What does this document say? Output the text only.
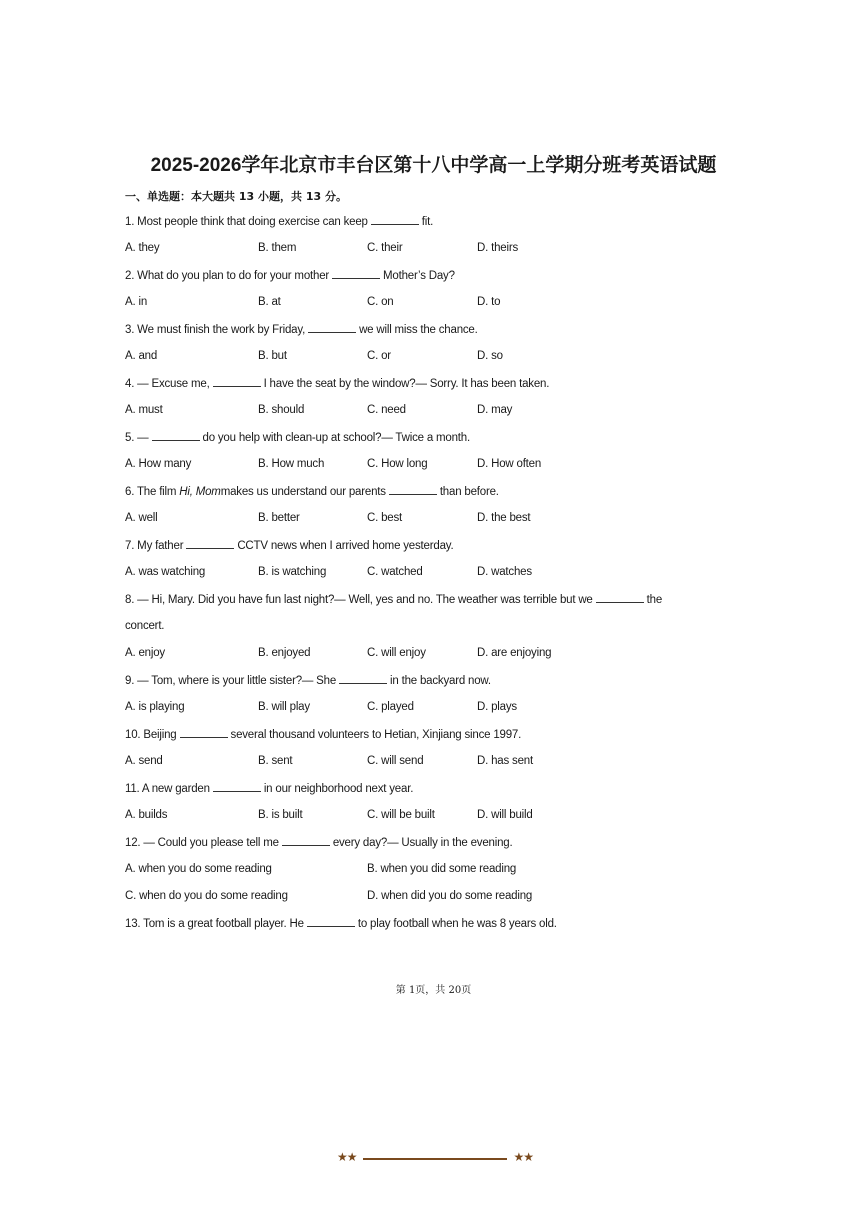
2025-2026学年北京市丰台区第十八中学高一上学期分班考英语试题
一、单选题：本大题共 13 小题，共 13 分。
1. Most people think that doing exercise can keep	fit.
A. they	B. them	C. their	D. theirs
2. What do you plan to do for your mother	Mother’s Day?
A. in	B. at	C. on	D. to
3. We must finish the work by Friday,	we will miss the chance.
A. and	B. but	C. or	D. so
4. — Excuse me,	I have the seat by the window?— Sorry. It has been taken.
A. must	B. should	C. need	D. may
5. —	do you help with clean-up at school?— Twice a month.
A. How many	B. How much	C. How long	D. How often
6. The film Hi, Mommakes us understand our parents	than before.
A. well	B. better	C. best	D. the best
7. My father	CCTV news when I arrived home yesterday.
A. was watching	B. is watching	C. watched	D. watches
8. — Hi, Mary. Did you have fun last night?— Well, yes and no. The weather was terrible but we	the
concert.
A. enjoy	B. enjoyed	C. will enjoy	D. are enjoying
9. — Tom, where is your little sister?— She	in the backyard now.
A. is playing	B. will play	C. played	D. plays
10. Beijing	several thousand volunteers to Hetian, Xinjiang since 1997.
A. send	B. sent	C. will send	D. has sent
11. A new garden	in our neighborhood next year.
A. builds	B. is built	C. will be built	D. will build
12. — Could you please tell me	every day?— Usually in the evening.
A. when you do some reading	B. when you did some reading
C. when do you do some reading	D. when did you do some reading
13. Tom is a great football player. He	to play football when he was 8 years old.
第 1页，共 20页
★★	★★
